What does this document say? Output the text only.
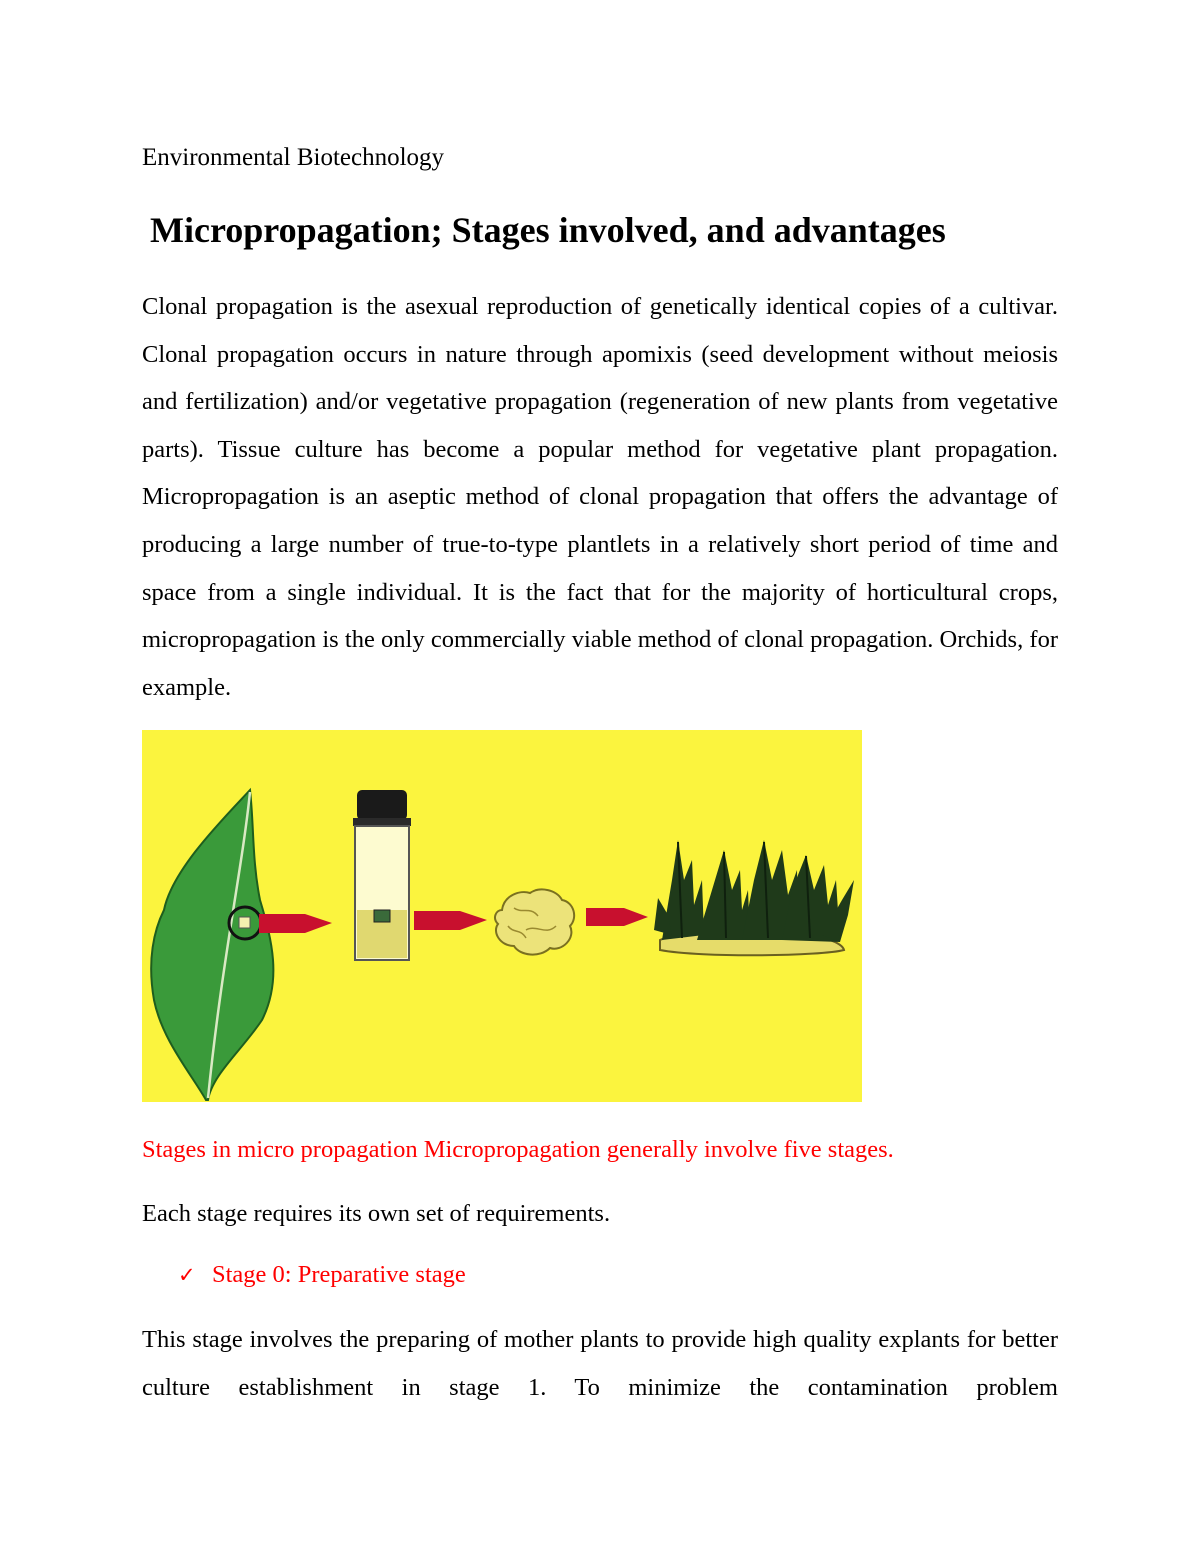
Environmental Biotechnology
Micropropagation; Stages involved, and advantages

Clonal propagation is the asexual reproduction of genetically identical copies of a cultivar. Clonal propagation occurs in nature through apomixis (seed development without meiosis and fertilization) and/or vegetative propagation (regeneration of new plants from vegetative parts). Tissue culture has become a popular method for vegetative plant propagation. Micropropagation is an aseptic method of clonal propagation that offers the advantage of producing a large number of true-to-type plantlets in a relatively short period of time and space from a single individual. It is the fact that for the majority of horticultural crops, micropropagation is the only commercially viable method of clonal propagation. Orchids, for example.

Stages in micro propagation Micropropagation generally involve five stages.
Each stage requires its own set of requirements.
✓ Stage 0: Preparative stage

This stage involves the preparing of mother plants to provide high quality explants for better culture establishment in stage 1. To minimize the contamination problem
